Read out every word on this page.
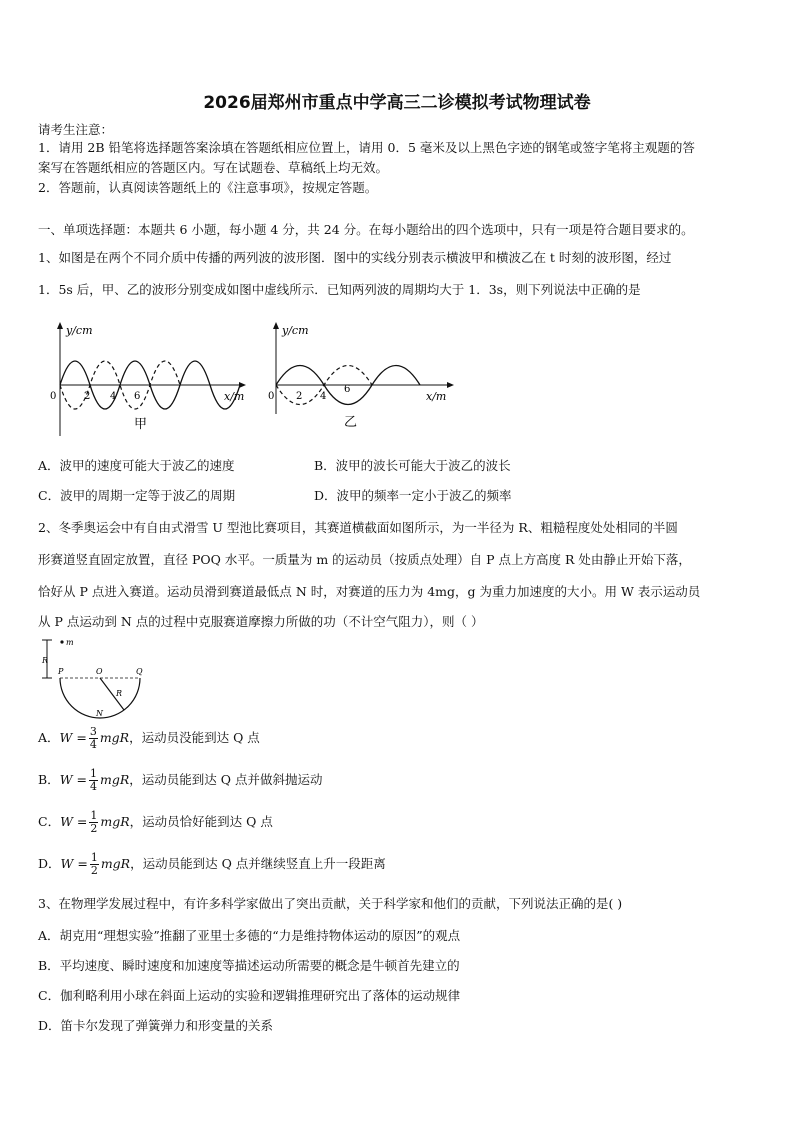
2026届郑州市重点中学高三二诊模拟考试物理试卷
请考生注意：
1．请用 2B 铅笔将选择题答案涂填在答题纸相应位置上，请用 0．5 毫米及以上黑色字迹的钢笔或签字笔将主观题的答
案写在答题纸相应的答题区内。写在试题卷、草稿纸上均无效。
2．答题前，认真阅读答题纸上的《注意事项》，按规定答题。
一、单项选择题：本题共 6 小题，每小题 4 分，共 24 分。在每小题给出的四个选项中，只有一项是符合题目要求的。
1、如图是在两个不同介质中传播的两列波的波形图．图中的实线分别表示横波甲和横波乙在 t 时刻的波形图，经过
1．5s 后，甲、乙的波形分别变成如图中虚线所示．已知两列波的周期均大于 1．3s，则下列说法中正确的是
y/cm
x/m
0	2 4 6
甲
y/cm
x/m
0 2 4
6
乙
A．波甲的速度可能大于波乙的速度	B．波甲的波长可能大于波乙的波长
C．波甲的周期一定等于波乙的周期	D．波甲的频率一定小于波乙的频率
2、冬季奥运会中有自由式滑雪 U 型池比赛项目，其赛道横截面如图所示，为一半径为 R、粗糙程度处处相同的半圆
形赛道竖直固定放置，直径 POQ 水平。一质量为 m 的运动员（按质点处理）自 P 点上方高度 R 处由静止开始下落，
恰好从 P 点进入赛道。运动员滑到赛道最低点 N 时，对赛道的压力为 4mg，g 为重力加速度的大小。用 W 表示运动员
从 P 点运动到 N 点的过程中克服赛道摩擦力所做的功（不计空气阻力），则（ ）
m
R
P	O	Q
R
N
A．$W = \frac{3}{4}$ mgR，运动员没能到达 Q 点
B．$W = \frac{1}{4}$ mgR，运动员能到达 Q 点并做斜抛运动
C．$W = \frac{1}{2}$ mgR，运动员恰好能到达 Q 点
D．$W = \frac{1}{2}$ mgR，运动员能到达 Q 点并继续竖直上升一段距离
3、在物理学发展过程中，有许多科学家做出了突出贡献，关于科学家和他们的贡献，下列说法正确的是( )
A．胡克用“理想实验”推翻了亚里士多德的“力是维持物体运动的原因”的观点
B．平均速度、瞬时速度和加速度等描述运动所需要的概念是牛顿首先建立的
C．伽利略利用小球在斜面上运动的实验和逻辑推理研究出了落体的运动规律
D．笛卡尔发现了弹簧弹力和形变量的关系
